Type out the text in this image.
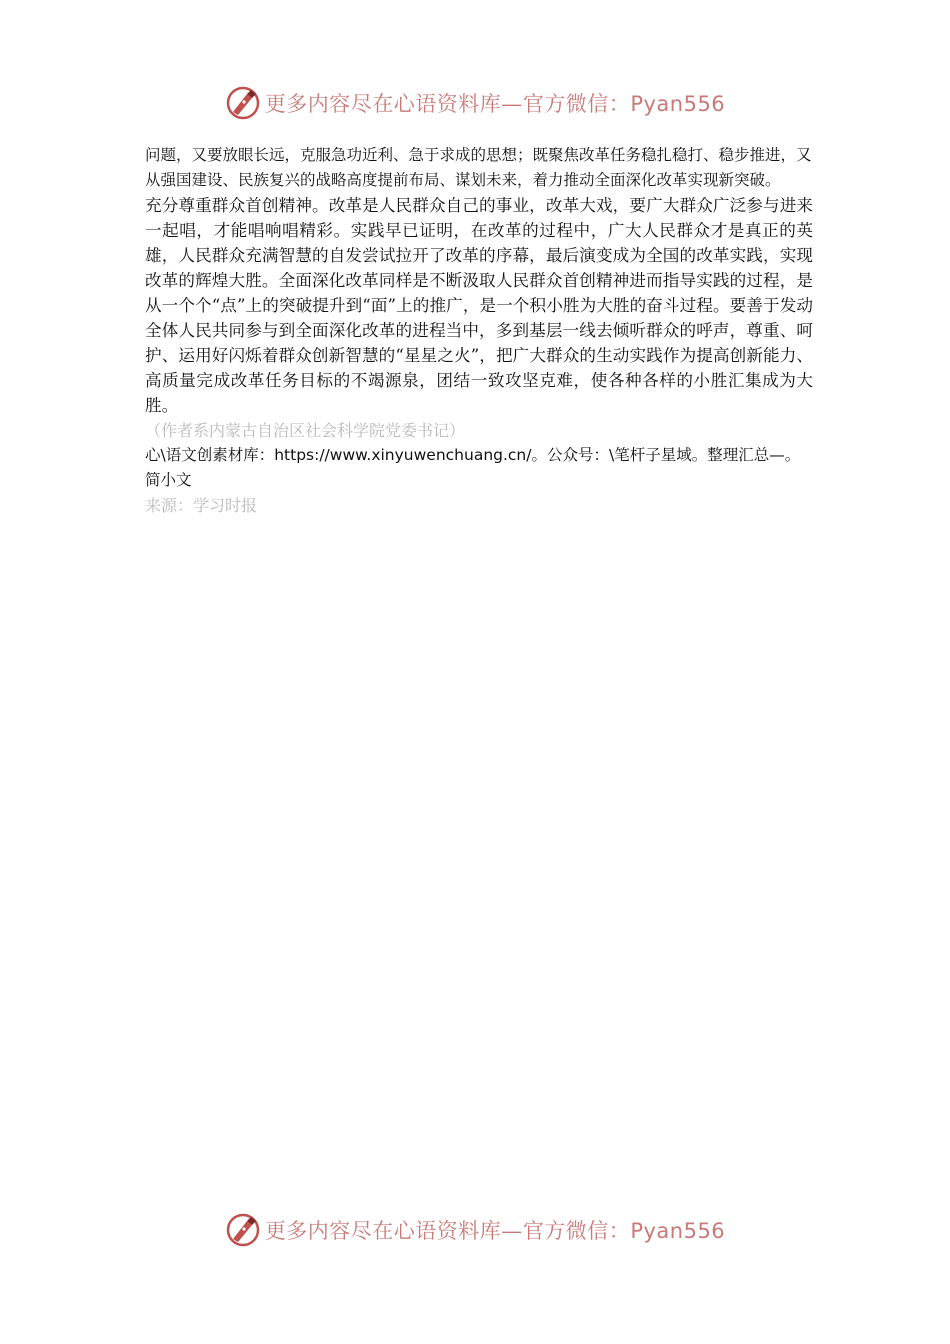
更多内容尽在心语资料库—官方微信：Pyan556

问题，又要放眼长远，克服急功近利、急于求成的思想；既聚焦改革任务稳扎稳打、稳步推进，又从强国建设、民族复兴的战略高度提前布局、谋划未来，着力推动全面深化改革实现新突破。

充分尊重群众首创精神。改革是人民群众自己的事业，改革大戏，要广大群众广泛参与进来一起唱，才能唱响唱精彩。实践早已证明，在改革的过程中，广大人民群众才是真正的英雄，人民群众充满智慧的自发尝试拉开了改革的序幕，最后演变成为全国的改革实践，实现改革的辉煌大胜。全面深化改革同样是不断汲取人民群众首创精神进而指导实践的过程，是从一个个“点”上的突破提升到“面”上的推广，是一个积小胜为大胜的奋斗过程。要善于发动全体人民共同参与到全面深化改革的进程当中，多到基层一线去倾听群众的呼声，尊重、呵护、运用好闪烁着群众创新智慧的“星星之火”，把广大群众的生动实践作为提高创新能力、高质量完成改革任务目标的不竭源泉，团结一致攻坚克难，使各种各样的小胜汇集成为大胜。

（作者系内蒙古自治区社会科学院党委书记）

心\语文创素材库：https://www.xinyuwenchuang.cn/。公众号：\笔杆子星域。整理汇总—。简小文

来源：学习时报

更多内容尽在心语资料库—官方微信：Pyan556
